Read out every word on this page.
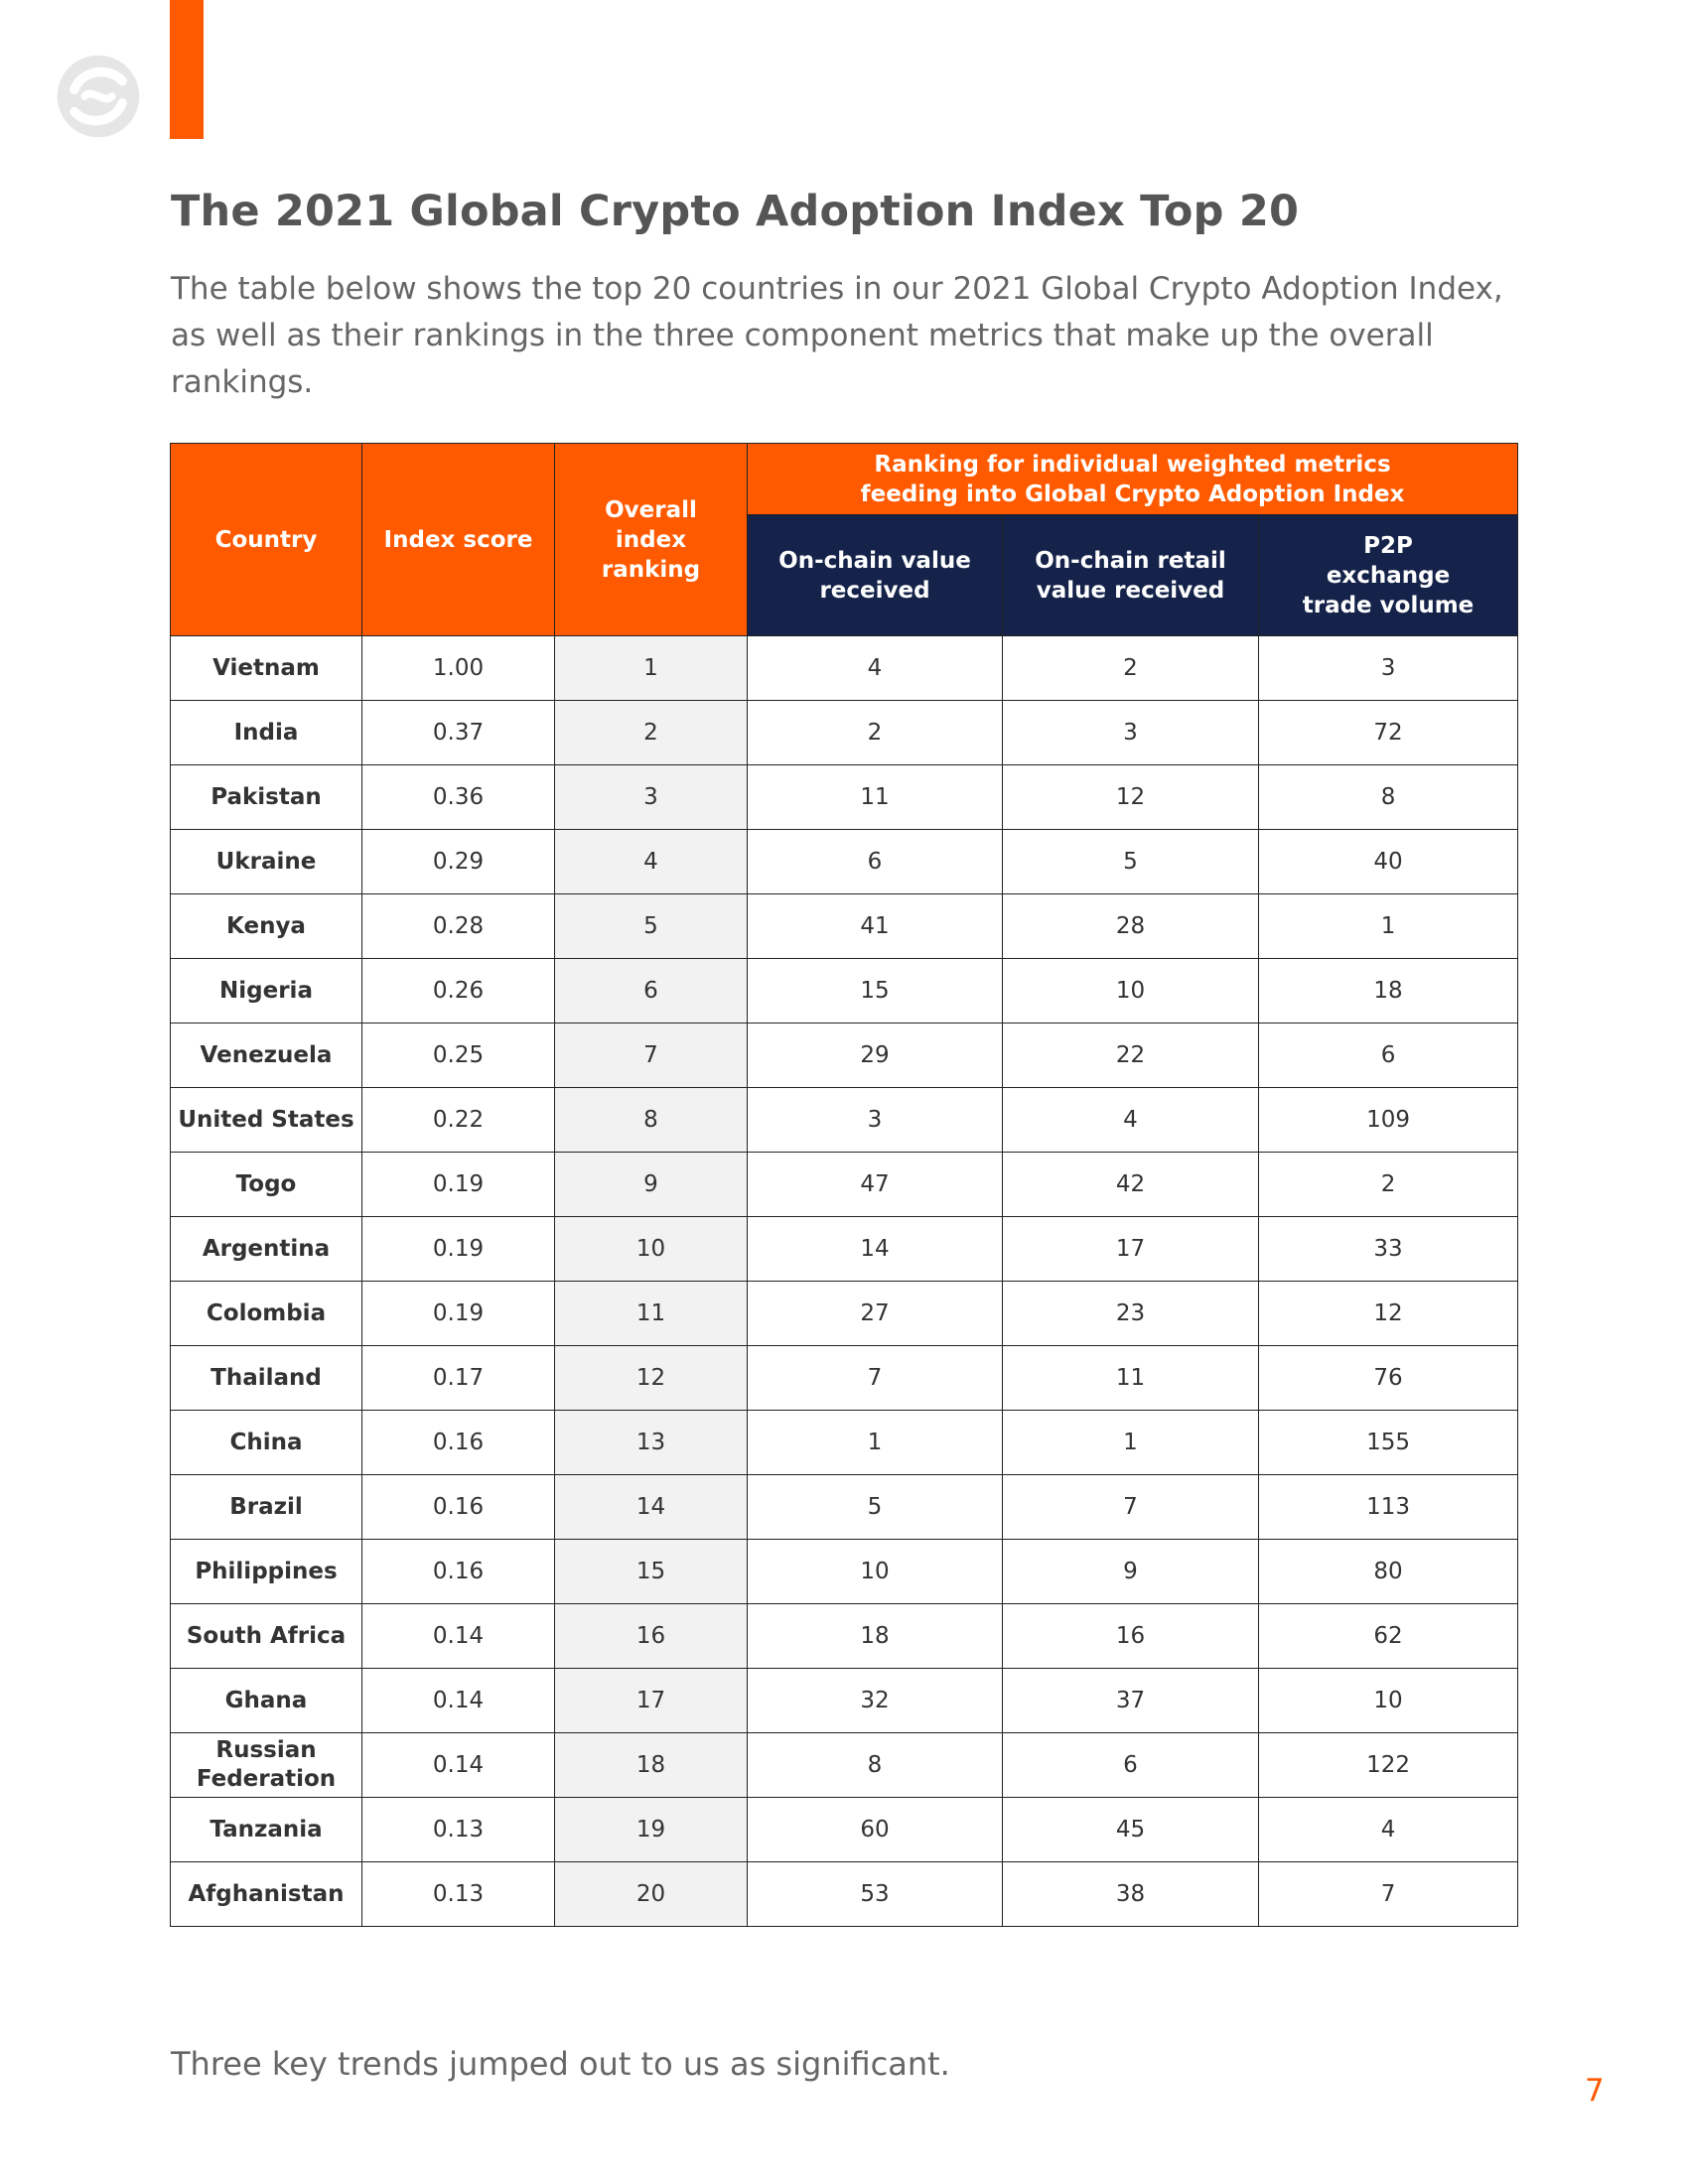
The 2021 Global Crypto Adoption Index Top 20

The table below shows the top 20 countries in our 2021 Global Crypto Adoption Index, as well as their rankings in the three component metrics that make up the overall rankings.

Country	Index score	Overall index ranking	Ranking for individual weighted metrics feeding into Global Crypto Adoption Index		
			On-chain value received	On-chain retail value received	P2P exchange trade volume
Vietnam	1.00	1	4	2	3
India	0.37	2	2	3	72
Pakistan	0.36	3	11	12	8
Ukraine	0.29	4	6	5	40
Kenya	0.28	5	41	28	1
Nigeria	0.26	6	15	10	18
Venezuela	0.25	7	29	22	6
United States	0.22	8	3	4	109
Togo	0.19	9	47	42	2
Argentina	0.19	10	14	17	33
Colombia	0.19	11	27	23	12
Thailand	0.17	12	7	11	76
China	0.16	13	1	1	155
Brazil	0.16	14	5	7	113
Philippines	0.16	15	10	9	80
South Africa	0.14	16	18	16	62
Ghana	0.14	17	32	37	10
Russian Federation	0.14	18	8	6	122
Tanzania	0.13	19	60	45	4
Afghanistan	0.13	20	53	38	7

Three key trends jumped out to us as significant.

7
